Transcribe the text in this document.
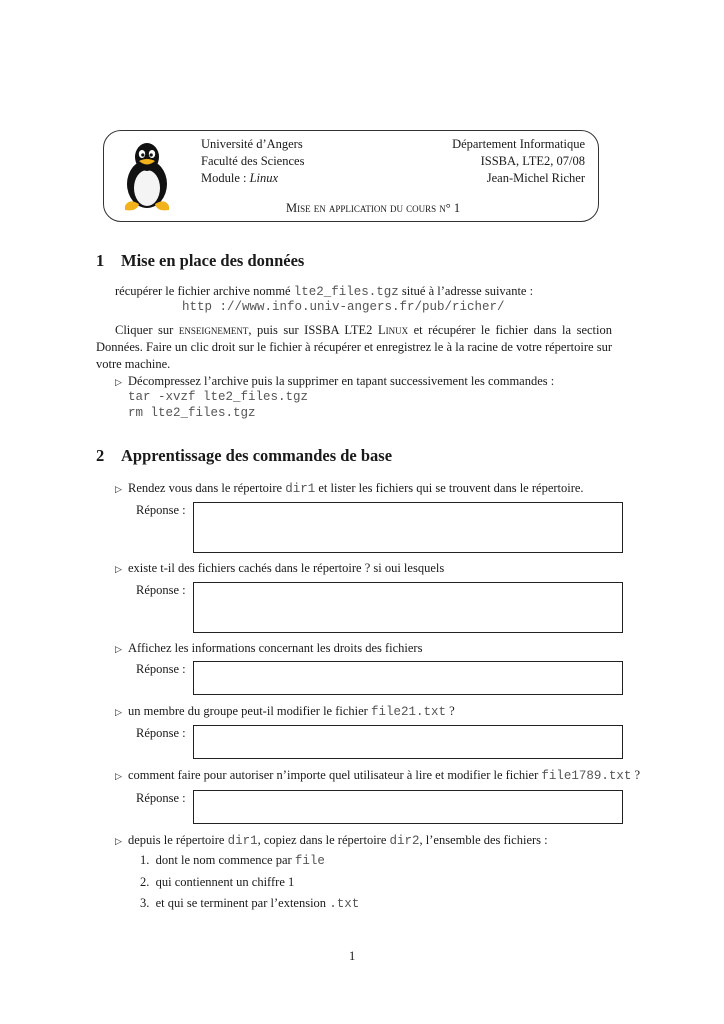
Université d’Angers
Faculté des Sciences
Module : Linux
Département Informatique
ISSBA, LTE2, 07/08
Jean-Michel Richer
Mise en application du cours n° 1
1 Mise en place des données
récupérer le fichier archive nommé lte2_files.tgz situé à l’adresse suivante :
http ://www.info.univ-angers.fr/pub/richer/
Cliquer sur enseignement, puis sur ISSBA LTE2 Linux et récupérer le fichier dans la section Données. Faire un clic droit sur le fichier à récupérer et enregistrez le à la racine de votre répertoire sur votre machine.
▷ Décompressez l’archive puis la supprimer en tapant successivement les commandes :
tar -xvzf lte2_files.tgz
rm lte2_files.tgz
2 Apprentissage des commandes de base
▷ Rendez vous dans le répertoire dir1 et lister les fichiers qui se trouvent dans le répertoire.
Réponse :
▷ existe t-il des fichiers cachés dans le répertoire ? si oui lesquels
Réponse :
▷ Affichez les informations concernant les droits des fichiers
Réponse :
▷ un membre du groupe peut-il modifier le fichier file21.txt ?
Réponse :
▷ comment faire pour autoriser n’importe quel utilisateur à lire et modifier le fichier file1789.txt ?
Réponse :
▷ depuis le répertoire dir1, copiez dans le répertoire dir2, l’ensemble des fichiers :
1. dont le nom commence par file
2. qui contiennent un chiffre 1
3. et qui se terminent par l’extension .txt
1
